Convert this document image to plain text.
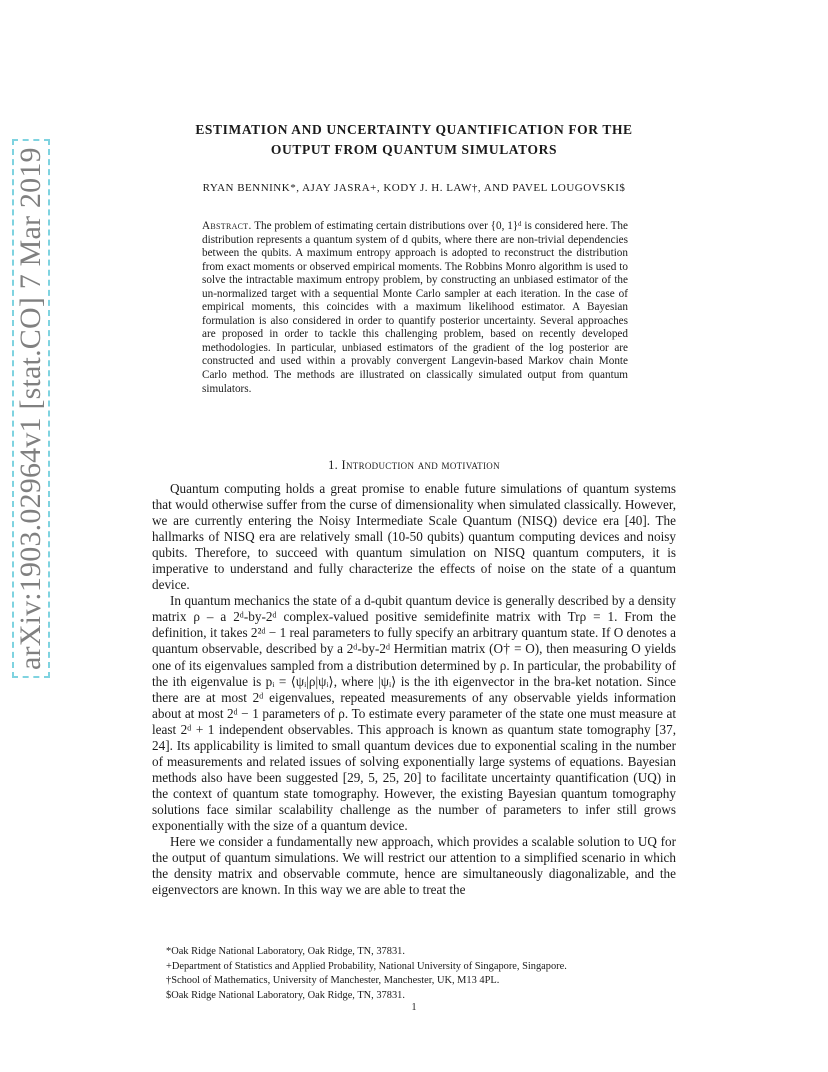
arXiv:1903.02964v1 [stat.CO] 7 Mar 2019
ESTIMATION AND UNCERTAINTY QUANTIFICATION FOR THE
OUTPUT FROM QUANTUM SIMULATORS
RYAN BENNINK*, AJAY JASRA+, KODY J. H. LAW†, AND PAVEL LOUGOVSKI$
Abstract. The problem of estimating certain distributions over {0, 1}ᵈ is considered here. The distribution represents a quantum system of d qubits, where there are non-trivial dependencies between the qubits. A maximum entropy approach is adopted to reconstruct the distribution from exact moments or observed empirical moments. The Robbins Monro algorithm is used to solve the intractable maximum entropy problem, by constructing an unbiased estimator of the un-normalized target with a sequential Monte Carlo sampler at each iteration. In the case of empirical moments, this coincides with a maximum likelihood estimator. A Bayesian formulation is also considered in order to quantify posterior uncertainty. Several approaches are proposed in order to tackle this challenging problem, based on recently developed methodologies. In particular, unbiased estimators of the gradient of the log posterior are constructed and used within a provably convergent Langevin-based Markov chain Monte Carlo method. The methods are illustrated on classically simulated output from quantum simulators.
1. Introduction and motivation

Quantum computing holds a great promise to enable future simulations of quantum systems that would otherwise suffer from the curse of dimensionality when simulated classically. However, we are currently entering the Noisy Intermediate Scale Quantum (NISQ) device era [40]. The hallmarks of NISQ era are relatively small (10-50 qubits) quantum computing devices and noisy qubits. Therefore, to succeed with quantum simulation on NISQ quantum computers, it is imperative to understand and fully characterize the effects of noise on the state of a quantum device.

In quantum mechanics the state of a d-qubit quantum device is generally described by a density matrix ρ – a 2ᵈ-by-2ᵈ complex-valued positive semidefinite matrix with Trρ = 1. From the definition, it takes 2²ᵈ − 1 real parameters to fully specify an arbitrary quantum state. If O denotes a quantum observable, described by a 2ᵈ-by-2ᵈ Hermitian matrix (O† = O), then measuring O yields one of its eigenvalues sampled from a distribution determined by ρ. In particular, the probability of the ith eigenvalue is pᵢ = ⟨ψᵢ|ρ|ψᵢ⟩, where |ψᵢ⟩ is the ith eigenvector in the bra-ket notation. Since there are at most 2ᵈ eigenvalues, repeated measurements of any observable yields information about at most 2ᵈ − 1 parameters of ρ. To estimate every parameter of the state one must measure at least 2ᵈ + 1 independent observables. This approach is known as quantum state tomography [37, 24]. Its applicability is limited to small quantum devices due to exponential scaling in the number of measurements and related issues of solving exponentially large systems of equations. Bayesian methods also have been suggested [29, 5, 25, 20] to facilitate uncertainty quantification (UQ) in the context of quantum state tomography. However, the existing Bayesian quantum tomography solutions face similar scalability challenge as the number of parameters to infer still grows exponentially with the size of a quantum device.

Here we consider a fundamentally new approach, which provides a scalable solution to UQ for the output of quantum simulations. We will restrict our attention to a simplified scenario in which the density matrix and observable commute, hence are simultaneously diagonalizable, and the eigenvectors are known. In this way we are able to treat the

*Oak Ridge National Laboratory, Oak Ridge, TN, 37831.
+Department of Statistics and Applied Probability, National University of Singapore, Singapore.
†School of Mathematics, University of Manchester, Manchester, UK, M13 4PL.
$Oak Ridge National Laboratory, Oak Ridge, TN, 37831.
1
